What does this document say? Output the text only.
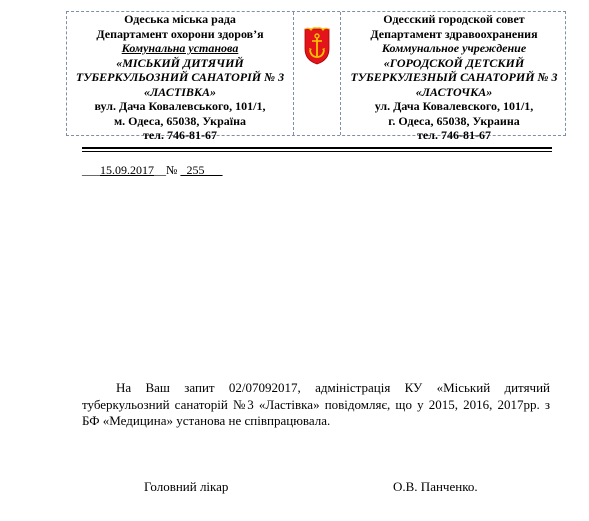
Одеська міська рада
Департамент охорони здоров’я
Комунальна установа
«МІСЬКИЙ ДИТЯЧИЙ
ТУБЕРКУЛЬОЗНИЙ САНАТОРІЙ № 3
«ЛАСТІВКА»
вул. Дача Ковалевського, 101/1,
м. Одеса, 65038, Україна
тел. 746-81-67
Одесский городской совет
Департамент здравоохранения
Коммунальное учреждение
«ГОРОДСКОЙ ДЕТСКИЙ
ТУБЕРКУЛЕЗНЫЙ САНАТОРИЙ № 3
«ЛАСТОЧКА»
ул. Дача Ковалевского, 101/1,
г. Одеса, 65038, Украина
тел. 746-81-67
___15.09.2017__№ _255___
На Ваш запит 02/07092017, адміністрація КУ «Міський дитячий туберкульозний санаторій №3 «Ластівка» повідомляє, що у 2015, 2016, 2017рр. з БФ «Медицина» установа не співпрацювала.
Головний лікар	О.В. Панченко.
